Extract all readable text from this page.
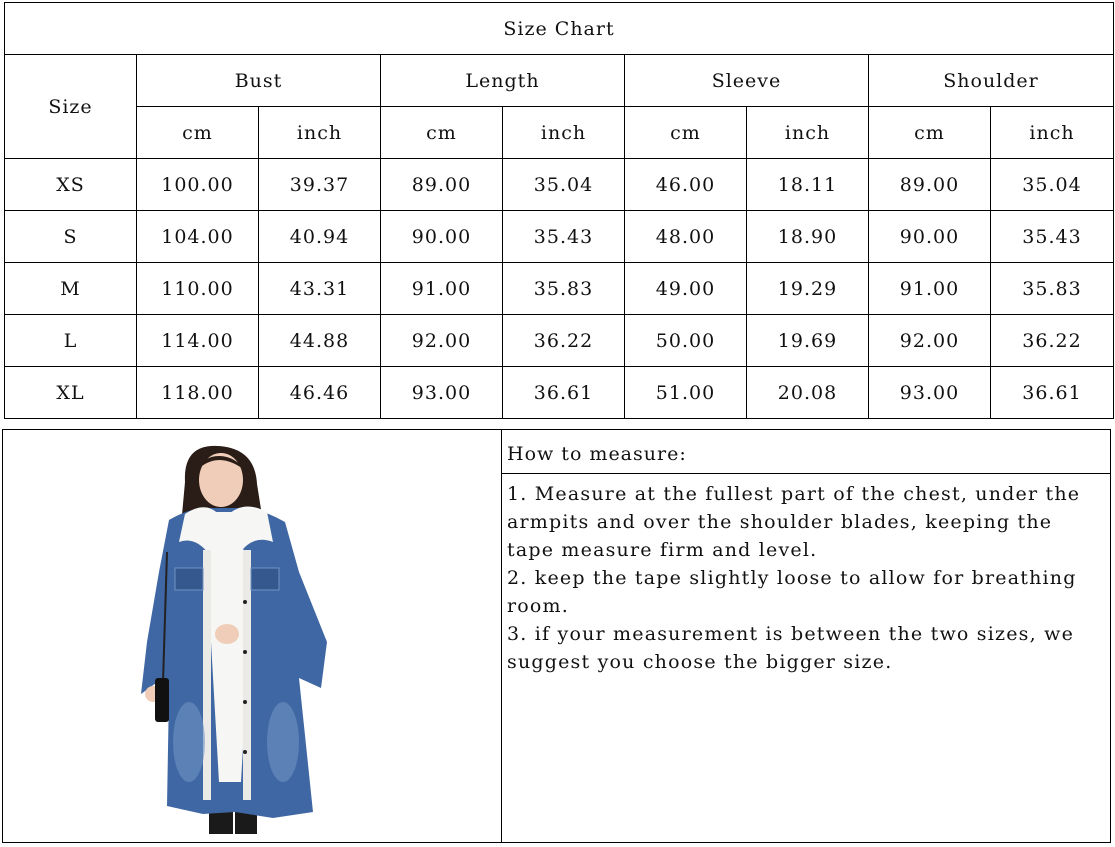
Size Chart								
Size	Bust		Length		Sleeve		Shoulder	
	cm	inch	cm	inch	cm	inch	cm	inch
XS	100.00	39.37	89.00	35.04	46.00	18.11	89.00	35.04
S	104.00	40.94	90.00	35.43	48.00	18.90	90.00	35.43
M	110.00	43.31	91.00	35.83	49.00	19.29	91.00	35.83
L	114.00	44.88	92.00	36.22	50.00	19.69	92.00	36.22
XL	118.00	46.46	93.00	36.61	51.00	20.08	93.00	36.61
How to measure:

1. Measure at the fullest part of the chest, under the armpits and over the shoulder blades, keeping the tape measure firm and level.

2. keep the tape slightly loose to allow for breathing room.

3. if your measurement is between the two sizes, we suggest you choose the bigger size.
